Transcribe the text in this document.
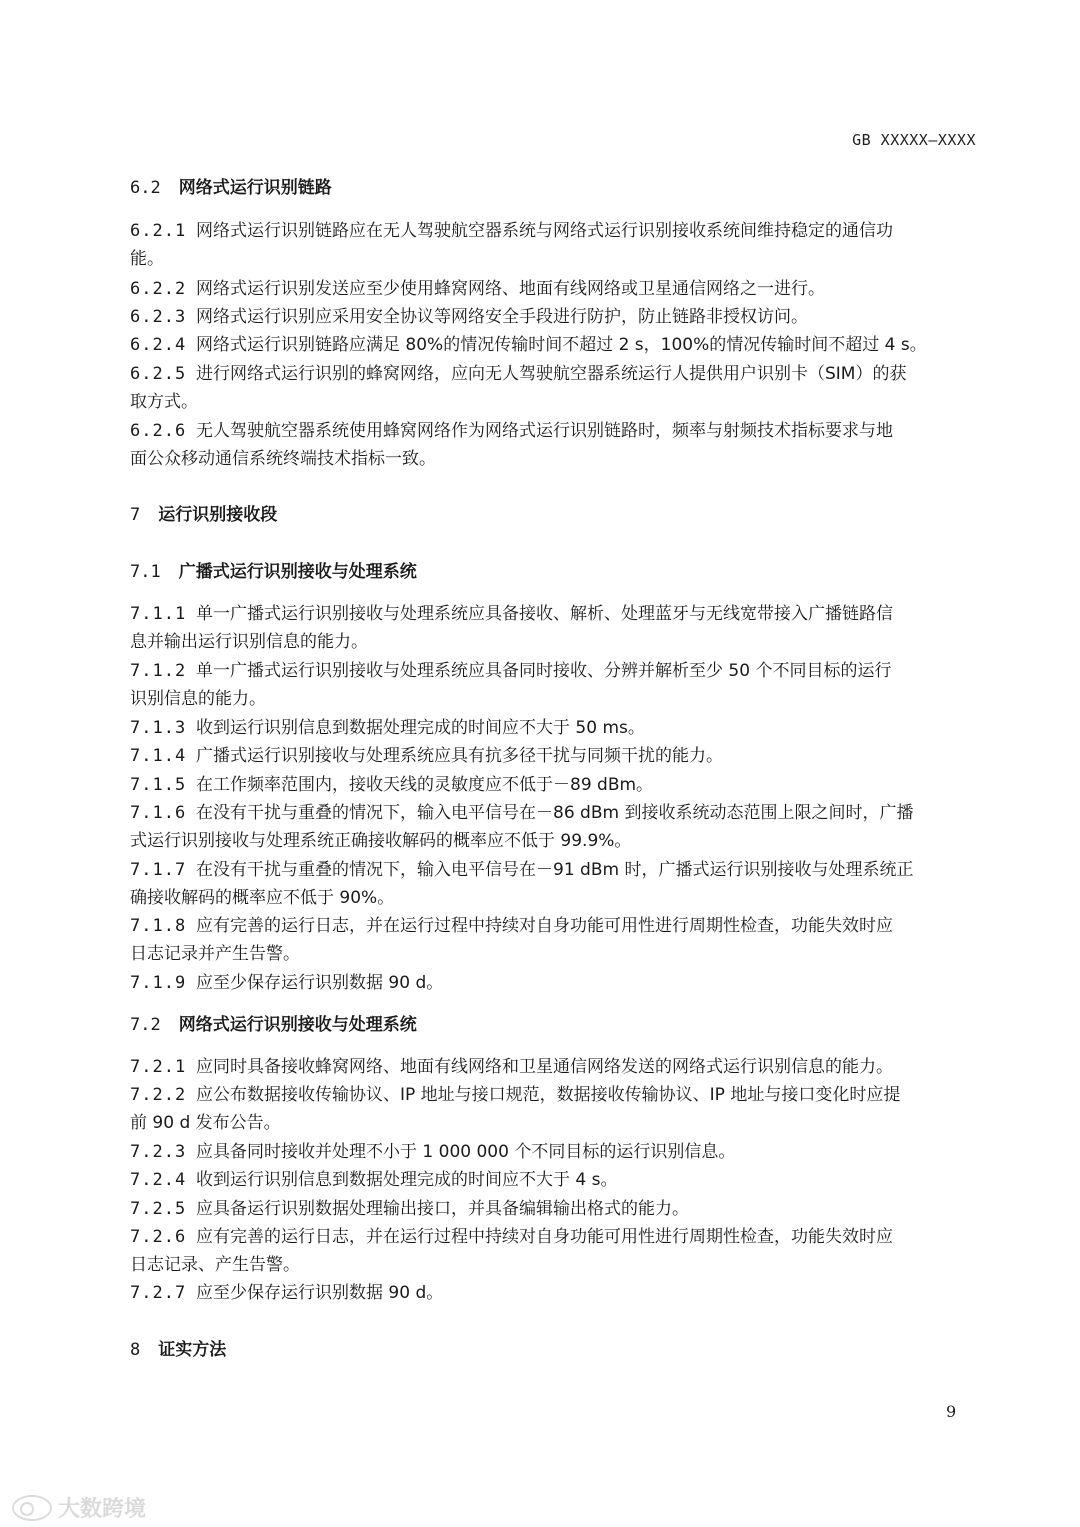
GB XXXXX—XXXX
6.2 网络式运行识别链路
6.2.1 网络式运行识别链路应在无人驾驶航空器系统与网络式运行识别接收系统间维持稳定的通信功
能。
6.2.2 网络式运行识别发送应至少使用蜂窝网络、地面有线网络或卫星通信网络之一进行。
6.2.3 网络式运行识别应采用安全协议等网络安全手段进行防护，防止链路非授权访问。
6.2.4 网络式运行识别链路应满足 80%的情况传输时间不超过 2 s，100%的情况传输时间不超过 4 s。
6.2.5 进行网络式运行识别的蜂窝网络，应向无人驾驶航空器系统运行人提供用户识别卡（SIM）的获
取方式。
6.2.6 无人驾驶航空器系统使用蜂窝网络作为网络式运行识别链路时，频率与射频技术指标要求与地
面公众移动通信系统终端技术指标一致。
7 运行识别接收段
7.1 广播式运行识别接收与处理系统
7.1.1 单一广播式运行识别接收与处理系统应具备接收、解析、处理蓝牙与无线宽带接入广播链路信
息并输出运行识别信息的能力。
7.1.2 单一广播式运行识别接收与处理系统应具备同时接收、分辨并解析至少 50 个不同目标的运行
识别信息的能力。
7.1.3 收到运行识别信息到数据处理完成的时间应不大于 50 ms。
7.1.4 广播式运行识别接收与处理系统应具有抗多径干扰与同频干扰的能力。
7.1.5 在工作频率范围内，接收天线的灵敏度应不低于－89 dBm。
7.1.6 在没有干扰与重叠的情况下，输入电平信号在－86 dBm 到接收系统动态范围上限之间时，广播
式运行识别接收与处理系统正确接收解码的概率应不低于 99.9%。
7.1.7 在没有干扰与重叠的情况下，输入电平信号在－91 dBm 时，广播式运行识别接收与处理系统正
确接收解码的概率应不低于 90%。
7.1.8 应有完善的运行日志，并在运行过程中持续对自身功能可用性进行周期性检查，功能失效时应
日志记录并产生告警。
7.1.9 应至少保存运行识别数据 90 d。
7.2 网络式运行识别接收与处理系统
7.2.1 应同时具备接收蜂窝网络、地面有线网络和卫星通信网络发送的网络式运行识别信息的能力。
7.2.2 应公布数据接收传输协议、IP 地址与接口规范，数据接收传输协议、IP 地址与接口变化时应提
前 90 d 发布公告。
7.2.3 应具备同时接收并处理不小于 1 000 000 个不同目标的运行识别信息。
7.2.4 收到运行识别信息到数据处理完成的时间应不大于 4 s。
7.2.5 应具备运行识别数据处理输出接口，并具备编辑输出格式的能力。
7.2.6 应有完善的运行日志，并在运行过程中持续对自身功能可用性进行周期性检查，功能失效时应
日志记录、产生告警。
7.2.7 应至少保存运行识别数据 90 d。
8 证实方法
9
大数跨境
